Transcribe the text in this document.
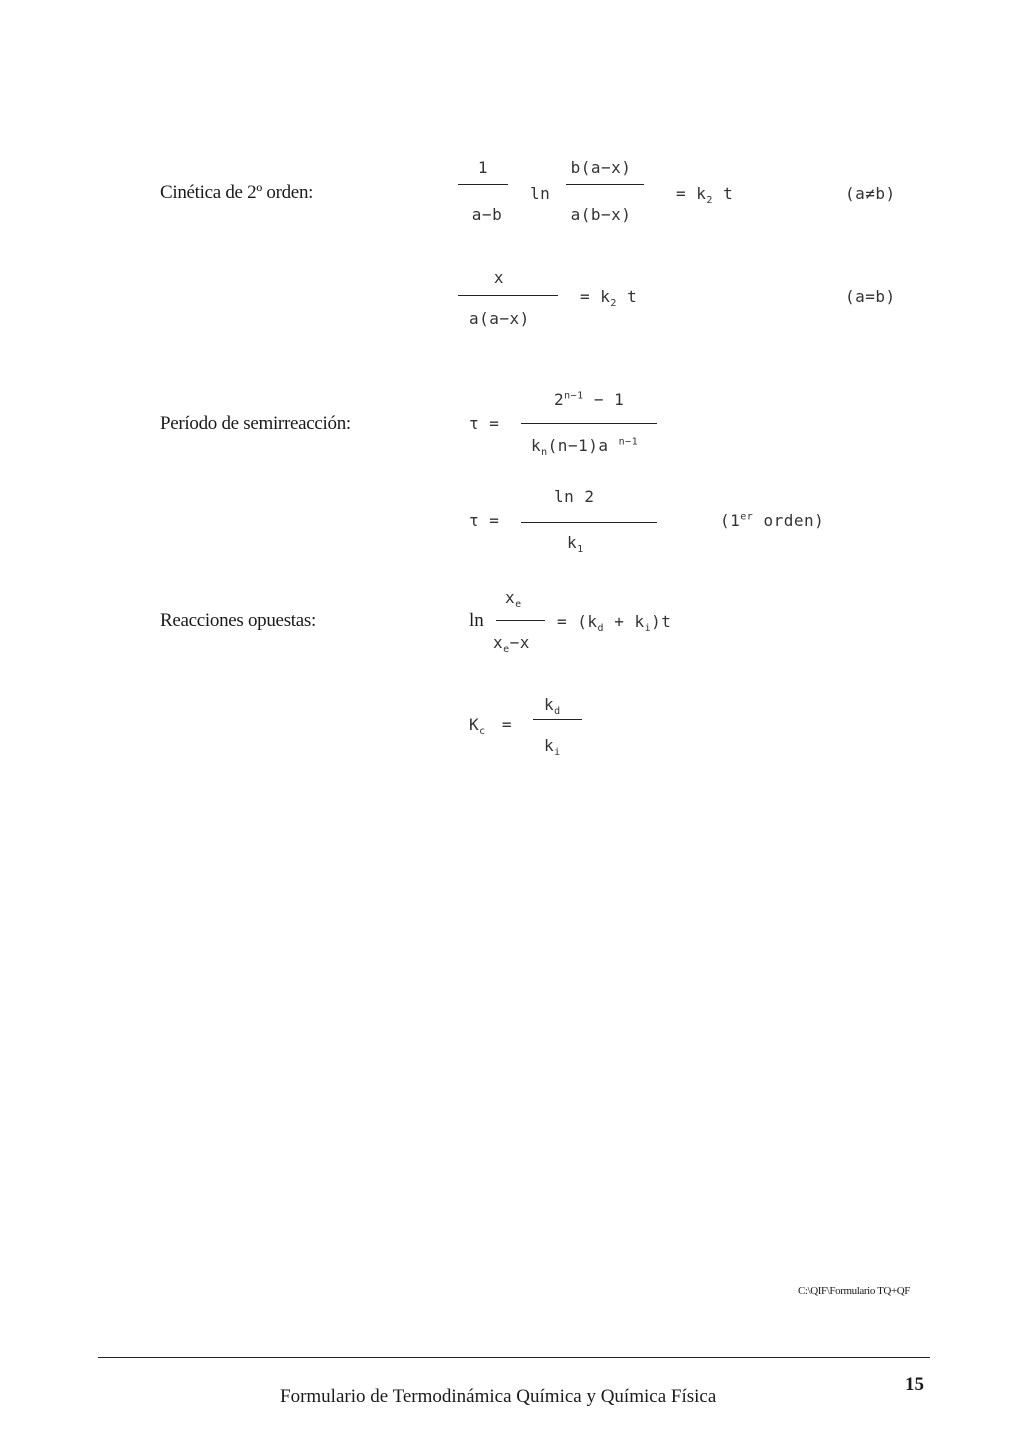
Cinética de 2º orden:
1
a−b
ln
b(a−x)
a(b−x)
= $k_2$ t	(a≠b)
x
a(a−x)
= $k_2$ t	(a=b)
Período de semirreacción:	τ =
$2^{n-1} - 1$
$k_n(n-1)a$ $^{n-1}$
τ =
ln 2
$k_1$
(1er orden)
Reacciones opuestas:	ln
$x_e$
$x_e-x$
= $(k_d + k_i)t$
$K_c$ =
$k_d$
$k_i$
C:\QIF\Formulario TQ+QF
Formulario de Termodinámica Química y Química Física
15
